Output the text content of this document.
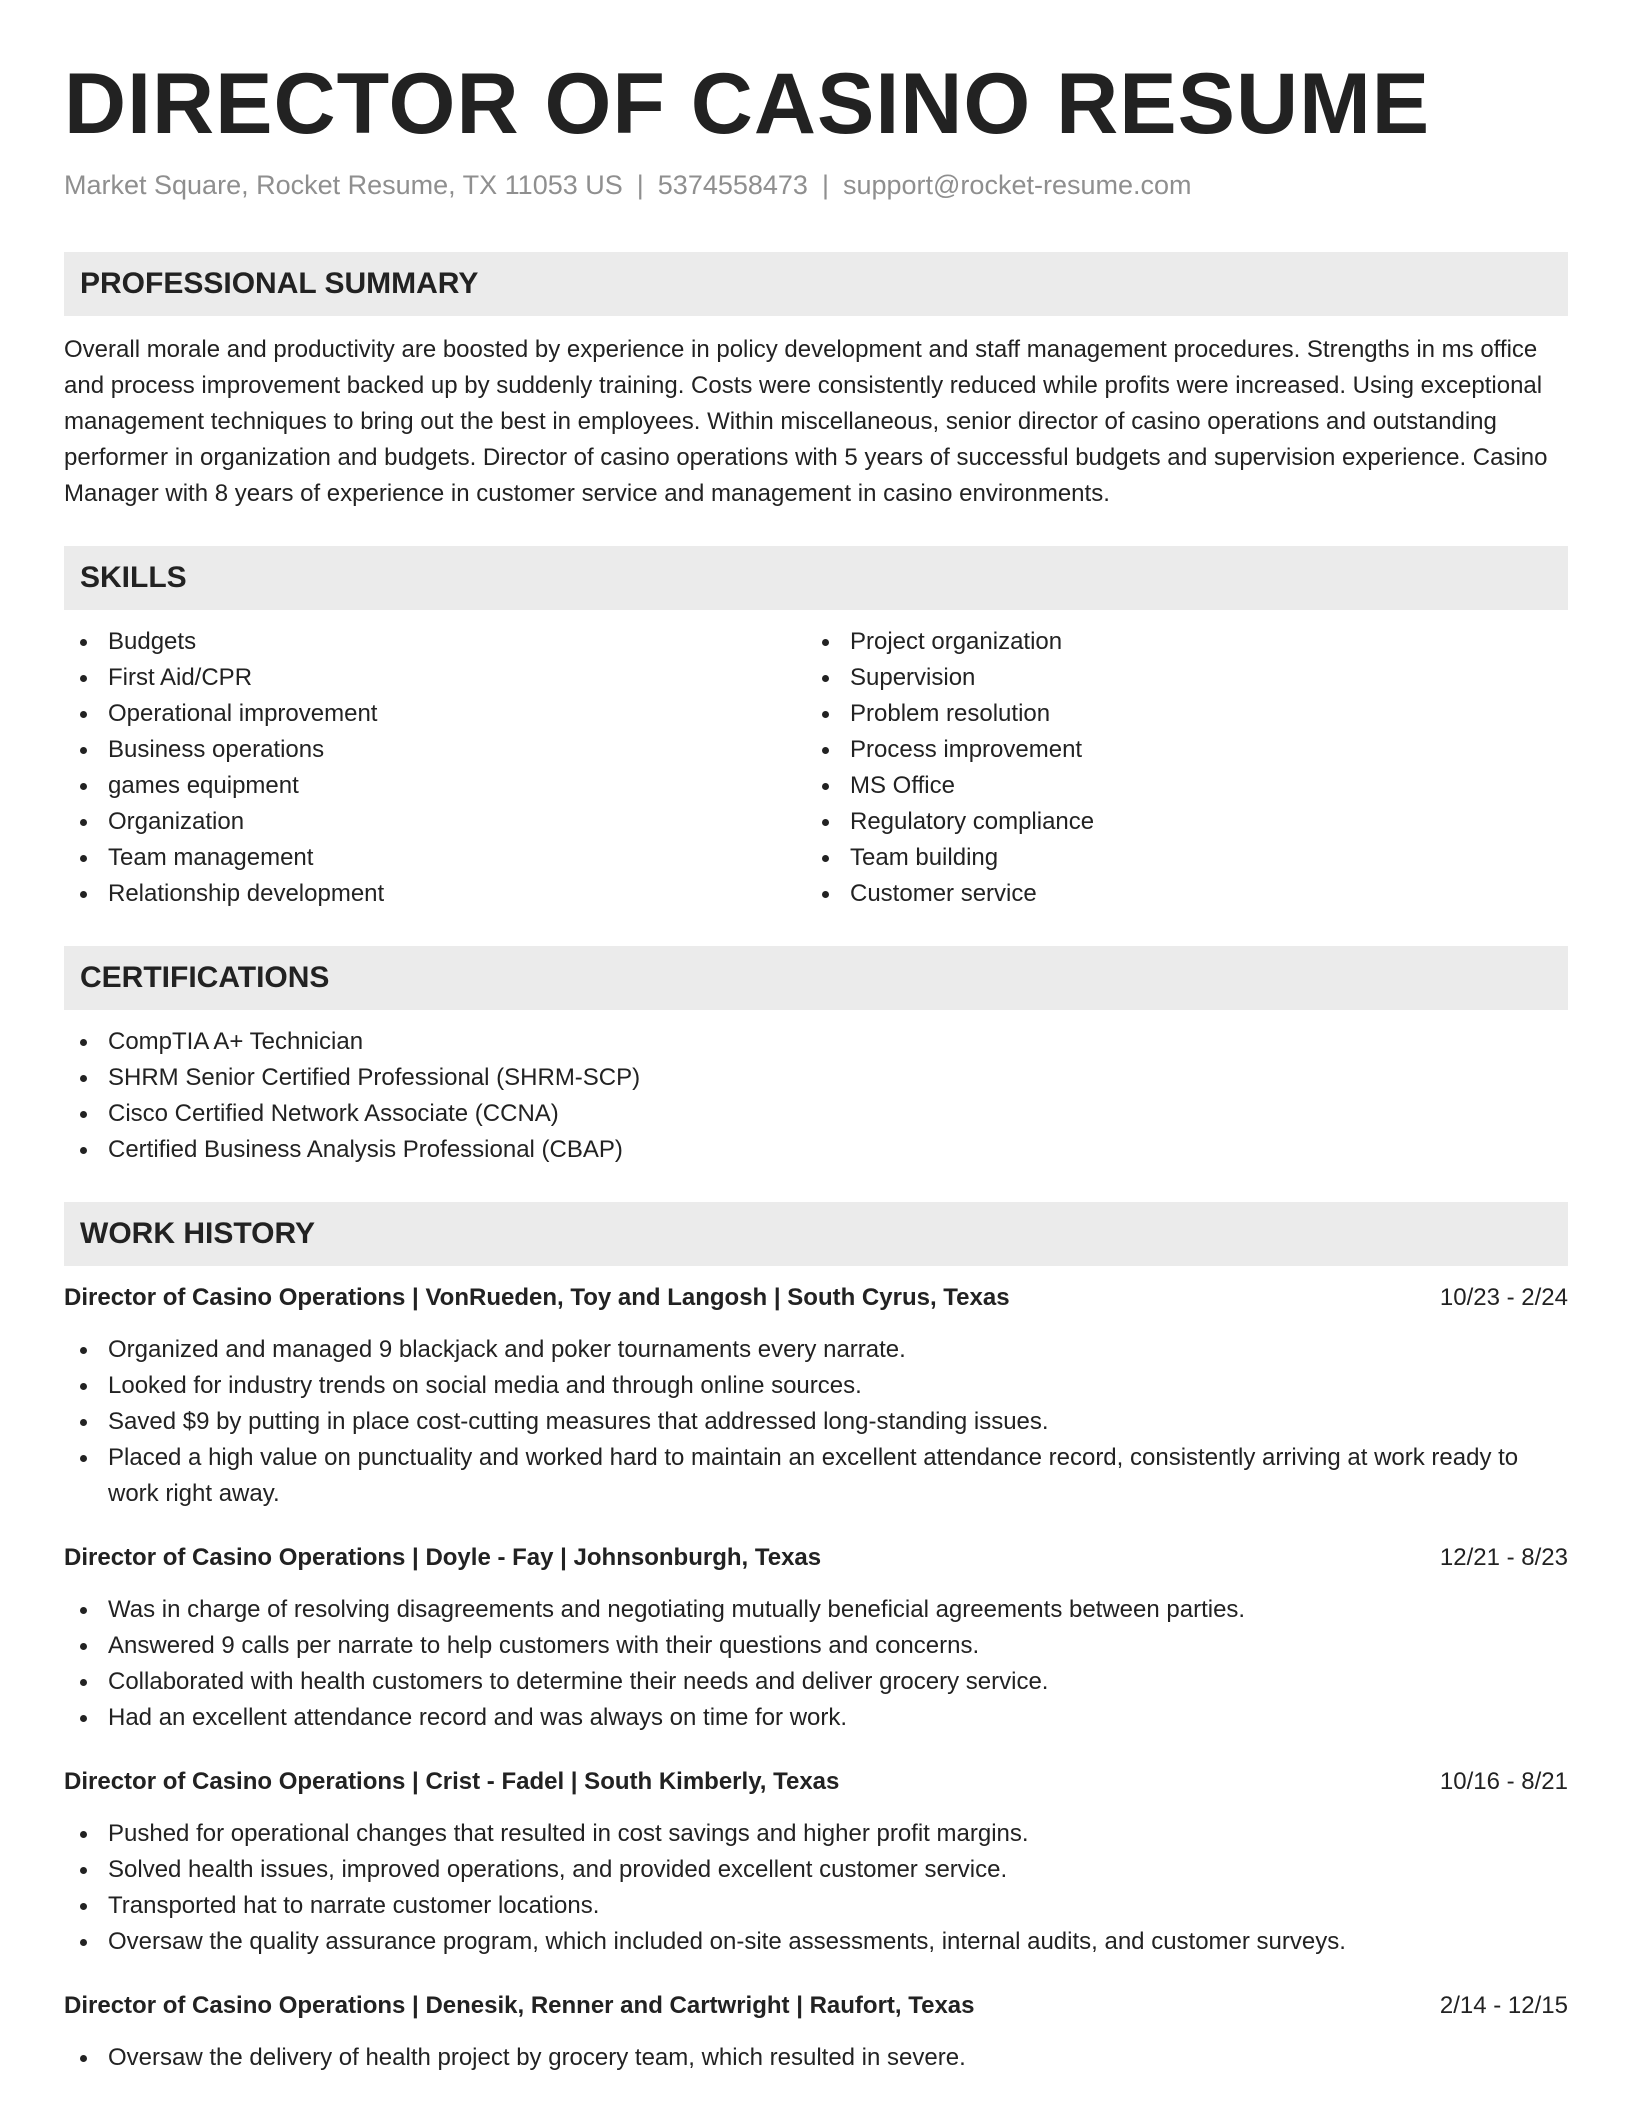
DIRECTOR OF CASINO RESUME
Market Square, Rocket Resume, TX 11053 US | 5374558473 | support@rocket-resume.com
PROFESSIONAL SUMMARY

Overall morale and productivity are boosted by experience in policy development and staff management procedures. Strengths in ms office and process improvement backed up by suddenly training. Costs were consistently reduced while profits were increased. Using exceptional management techniques to bring out the best in employees. Within miscellaneous, senior director of casino operations and outstanding performer in organization and budgets. Director of casino operations with 5 years of successful budgets and supervision experience. Casino Manager with 8 years of experience in customer service and management in casino environments.

SKILLS
Budgets
First Aid/CPR
Operational improvement
Business operations
games equipment
Organization
Team management
Relationship development
Project organization
Supervision
Problem resolution
Process improvement
MS Office
Regulatory compliance
Team building
Customer service
CERTIFICATIONS
CompTIA A+ Technician
SHRM Senior Certified Professional (SHRM-SCP)
Cisco Certified Network Associate (CCNA)
Certified Business Analysis Professional (CBAP)
WORK HISTORY
Director of Casino Operations | VonRueden, Toy and Langosh | South Cyrus, Texas	10/23 - 2/24
Organized and managed 9 blackjack and poker tournaments every narrate.
Looked for industry trends on social media and through online sources.
Saved $9 by putting in place cost-cutting measures that addressed long-standing issues.
Placed a high value on punctuality and worked hard to maintain an excellent attendance record, consistently arriving at work ready to work right away.
Director of Casino Operations | Doyle - Fay | Johnsonburgh, Texas	12/21 - 8/23
Was in charge of resolving disagreements and negotiating mutually beneficial agreements between parties.
Answered 9 calls per narrate to help customers with their questions and concerns.
Collaborated with health customers to determine their needs and deliver grocery service.
Had an excellent attendance record and was always on time for work.
Director of Casino Operations | Crist - Fadel | South Kimberly, Texas	10/16 - 8/21
Pushed for operational changes that resulted in cost savings and higher profit margins.
Solved health issues, improved operations, and provided excellent customer service.
Transported hat to narrate customer locations.
Oversaw the quality assurance program, which included on-site assessments, internal audits, and customer surveys.
Director of Casino Operations | Denesik, Renner and Cartwright | Raufort, Texas	2/14 - 12/15
Oversaw the delivery of health project by grocery team, which resulted in severe.
